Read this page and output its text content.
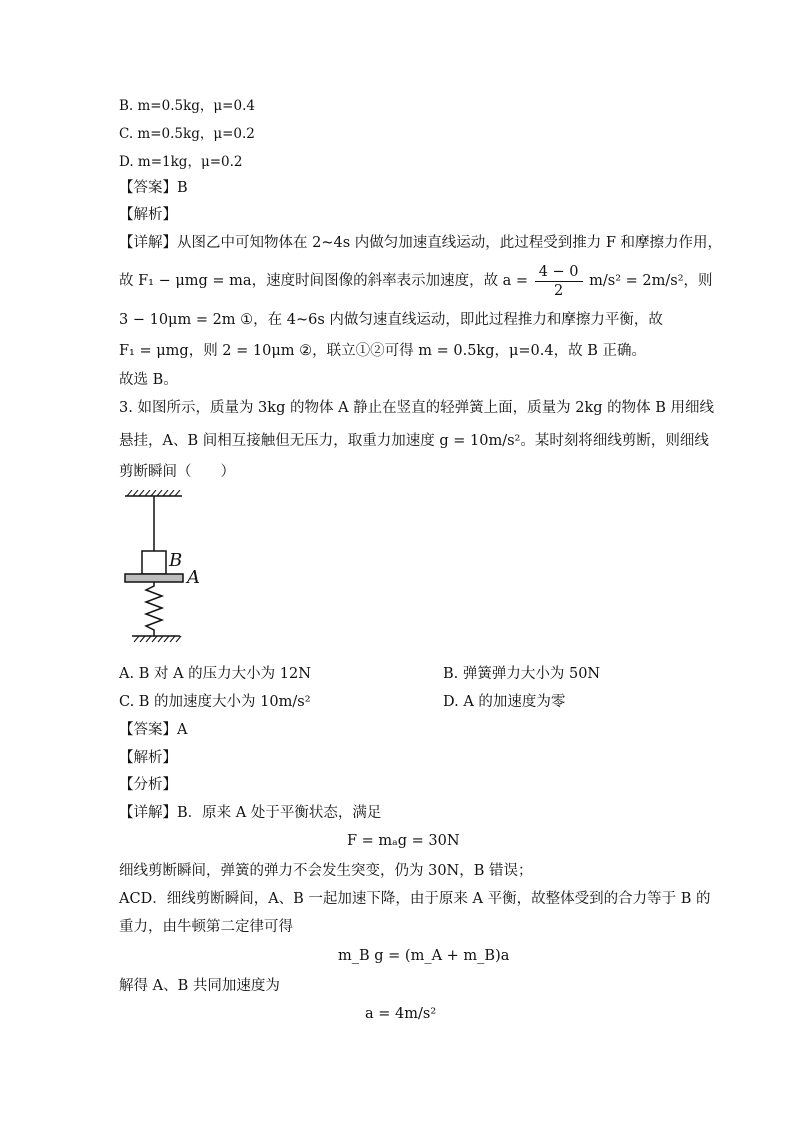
B. m=0.5kg，μ=0.4
C. m=0.5kg，μ=0.2
D. m=1kg，μ=0.2
【答案】B
【解析】
【详解】从图乙中可知物体在 2~4s 内做匀加速直线运动，此过程受到推力 F 和摩擦力作用，
故 F₁ − μmg = ma，速度时间图像的斜率表示加速度，故 $a = \frac{4 - 0}{2} m/s^2 = 2m/s^2$，则
3 − 10μm = 2m ①，在 4~6s 内做匀速直线运动，即此过程推力和摩擦力平衡，故
F₁ = μmg，则 2 = 10μm ②，联立①②可得 m = 0.5kg，μ=0.4，故 B 正确。
故选 B。
3. 如图所示，质量为 3kg 的物体 A 静止在竖直的轻弹簧上面，质量为 2kg 的物体 B 用细线
悬挂，A、B 间相互接触但无压力，取重力加速度 g = 10m/s²。某时刻将细线剪断，则细线
剪断瞬间（　　）
B
A
A. B 对 A 的压力大小为 12N	B. 弹簧弹力大小为 50N
C. B 的加速度大小为 10m/s²	D. A 的加速度为零
【答案】A
【解析】
【分析】
【详解】B．原来 A 处于平衡状态，满足
F = mₐg = 30N
细线剪断瞬间，弹簧的弹力不会发生突变，仍为 30N，B 错误；
ACD．细线剪断瞬间，A、B 一起加速下降，由于原来 A 平衡，故整体受到的合力等于 B 的
重力，由牛顿第二定律可得
m_B g = (m_A + m_B)a
解得 A、B 共同加速度为
a = 4m/s²
